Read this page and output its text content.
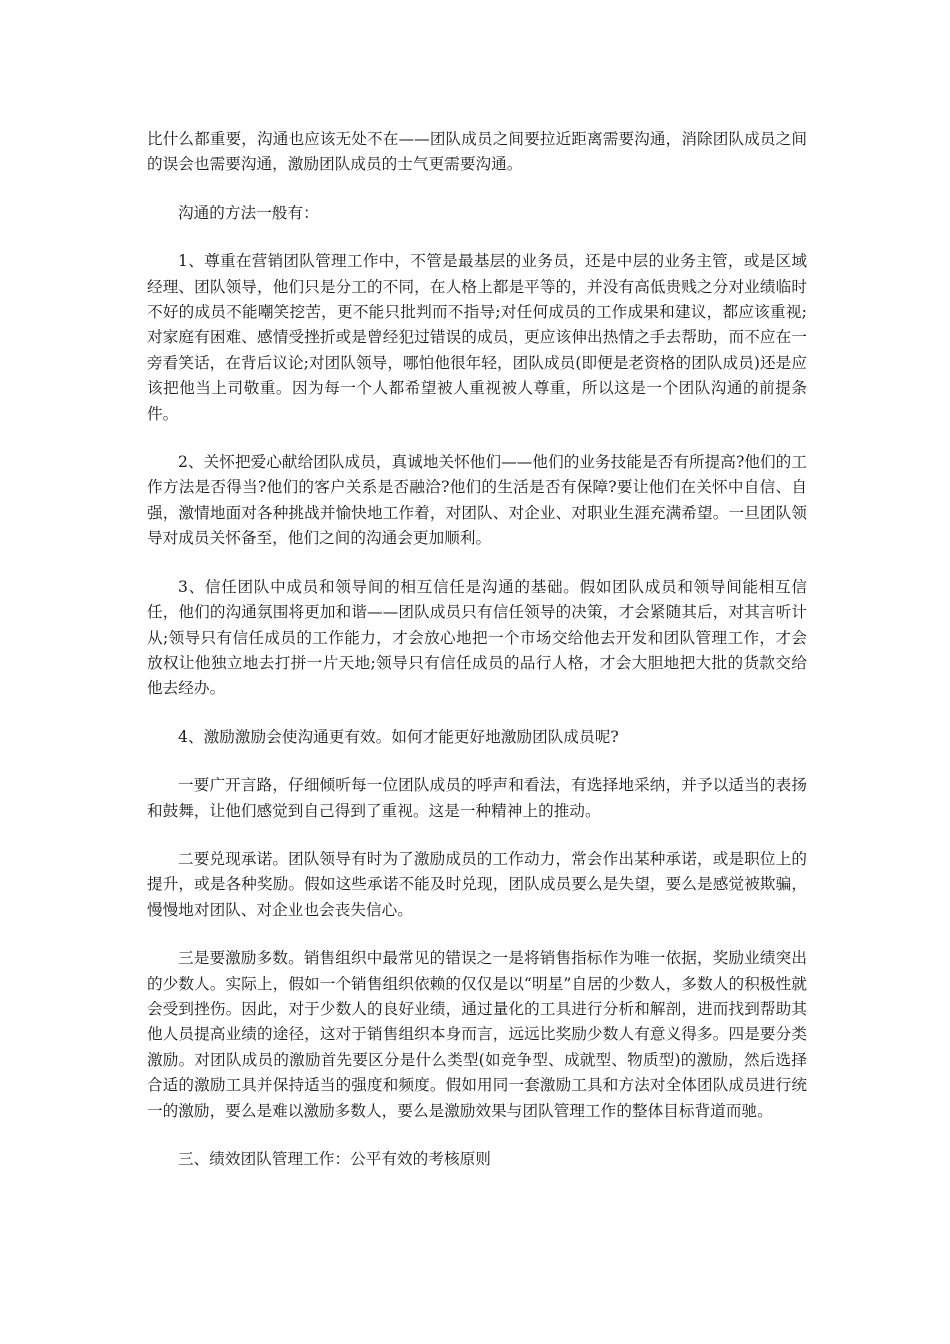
比什么都重要，沟通也应该无处不在——团队成员之间要拉近距离需要沟通，消除团队成员之间的误会也需要沟通，激励团队成员的士气更需要沟通。

沟通的方法一般有：

1、尊重在营销团队管理工作中，不管是最基层的业务员，还是中层的业务主管，或是区域经理、团队领导，他们只是分工的不同，在人格上都是平等的，并没有高低贵贱之分对业绩临时不好的成员不能嘲笑挖苦，更不能只批判而不指导;对任何成员的工作成果和建议，都应该重视;对家庭有困难、感情受挫折或是曾经犯过错误的成员，更应该伸出热情之手去帮助，而不应在一旁看笑话，在背后议论;对团队领导，哪怕他很年轻，团队成员(即便是老资格的团队成员)还是应该把他当上司敬重。因为每一个人都希望被人重视被人尊重，所以这是一个团队沟通的前提条件。

2、关怀把爱心献给团队成员，真诚地关怀他们——他们的业务技能是否有所提高?他们的工作方法是否得当?他们的客户关系是否融洽?他们的生活是否有保障?要让他们在关怀中自信、自强，激情地面对各种挑战并愉快地工作着，对团队、对企业、对职业生涯充满希望。一旦团队领导对成员关怀备至，他们之间的沟通会更加顺利。

3、信任团队中成员和领导间的相互信任是沟通的基础。假如团队成员和领导间能相互信任，他们的沟通氛围将更加和谐——团队成员只有信任领导的决策，才会紧随其后，对其言听计从;领导只有信任成员的工作能力，才会放心地把一个市场交给他去开发和团队管理工作，才会放权让他独立地去打拼一片天地;领导只有信任成员的品行人格，才会大胆地把大批的货款交给他去经办。

4、激励激励会使沟通更有效。如何才能更好地激励团队成员呢?

一要广开言路，仔细倾听每一位团队成员的呼声和看法，有选择地采纳，并予以适当的表扬和鼓舞，让他们感觉到自己得到了重视。这是一种精神上的推动。

二要兑现承诺。团队领导有时为了激励成员的工作动力，常会作出某种承诺，或是职位上的提升，或是各种奖励。假如这些承诺不能及时兑现，团队成员要么是失望，要么是感觉被欺骗，慢慢地对团队、对企业也会丧失信心。

三是要激励多数。销售组织中最常见的错误之一是将销售指标作为唯一依据，奖励业绩突出的少数人。实际上，假如一个销售组织依赖的仅仅是以“明星”自居的少数人，多数人的积极性就会受到挫伤。因此，对于少数人的良好业绩，通过量化的工具进行分析和解剖，进而找到帮助其他人员提高业绩的途径，这对于销售组织本身而言，远远比奖励少数人有意义得多。四是要分类激励。对团队成员的激励首先要区分是什么类型(如竞争型、成就型、物质型)的激励，然后选择合适的激励工具并保持适当的强度和频度。假如用同一套激励工具和方法对全体团队成员进行统一的激励，要么是难以激励多数人，要么是激励效果与团队管理工作的整体目标背道而驰。

三、绩效团队管理工作：公平有效的考核原则
